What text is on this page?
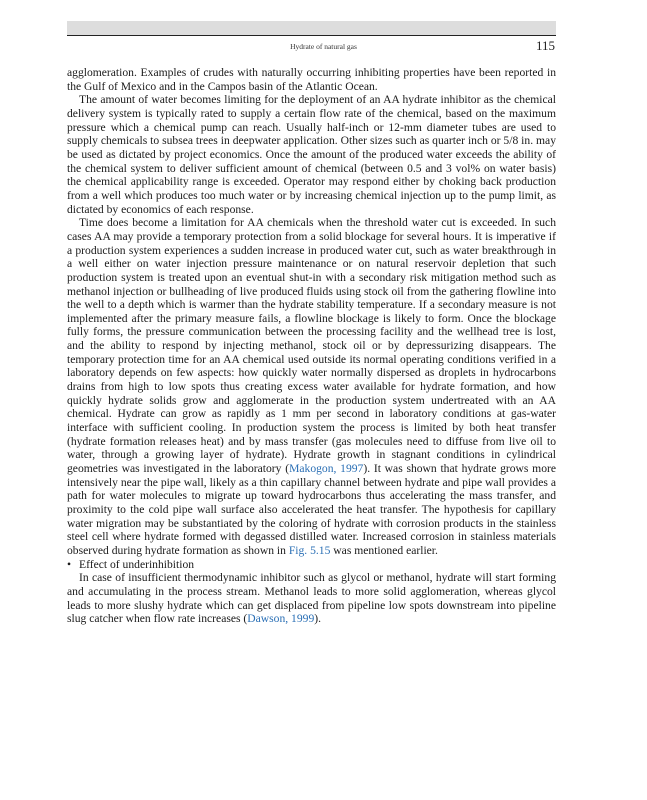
Hydrate of natural gas	115

agglomeration. Examples of crudes with naturally occurring inhibiting properties have been reported in the Gulf of Mexico and in the Campos basin of the Atlantic Ocean.

The amount of water becomes limiting for the deployment of an AA hydrate inhibitor as the chemical delivery system is typically rated to supply a certain flow rate of the chemical, based on the maximum pressure which a chemical pump can reach. Usually half-inch or 12-mm diameter tubes are used to supply chemicals to subsea trees in deepwater application. Other sizes such as quarter inch or 5/8 in. may be used as dictated by project economics. Once the amount of the produced water exceeds the ability of the chemical system to deliver sufficient amount of chemical (between 0.5 and 3 vol% on water basis) the chemical applicability range is exceeded. Operator may respond either by choking back production from a well which produces too much water or by increasing chemical injection up to the pump limit, as dictated by economics of each response.

Time does become a limitation for AA chemicals when the threshold water cut is exceeded. In such cases AA may provide a temporary protection from a solid blockage for several hours. It is imperative if a production system experiences a sudden increase in produced water cut, such as water breakthrough in a well either on water injection pressure maintenance or on natural reservoir depletion that such production system is treated upon an eventual shut-in with a secondary risk mitigation method such as methanol injection or bullheading of live produced fluids using stock oil from the gathering flowline into the well to a depth which is warmer than the hydrate stability temperature. If a secondary measure is not implemented after the primary measure fails, a flowline blockage is likely to form. Once the blockage fully forms, the pressure communication between the processing facility and the wellhead tree is lost, and the ability to respond by injecting methanol, stock oil or by depressurizing disappears. The temporary protection time for an AA chemical used outside its normal operating conditions verified in a laboratory depends on few aspects: how quickly water normally dispersed as droplets in hydrocarbons drains from high to low spots thus creating excess water available for hydrate formation, and how quickly hydrate solids grow and agglomerate in the production system undertreated with an AA chemical. Hydrate can grow as rapidly as 1 mm per second in laboratory conditions at gas-water interface with sufficient cooling. In production system the process is limited by both heat transfer (hydrate formation releases heat) and by mass transfer (gas molecules need to diffuse from live oil to water, through a growing layer of hydrate). Hydrate growth in stagnant conditions in cylindrical geometries was investigated in the laboratory (Makogon, 1997). It was shown that hydrate grows more intensively near the pipe wall, likely as a thin capillary channel between hydrate and pipe wall provides a path for water molecules to migrate up toward hydrocarbons thus accelerating the mass transfer, and proximity to the cold pipe wall surface also accelerated the heat transfer. The hypothesis for capillary water migration may be substantiated by the coloring of hydrate with corrosion products in the stainless steel cell where hydrate formed with degassed distilled water. Increased corrosion in stainless materials observed during hydrate formation as shown in Fig. 5.15 was mentioned earlier.

• Effect of underinhibition

In case of insufficient thermodynamic inhibitor such as glycol or methanol, hydrate will start forming and accumulating in the process stream. Methanol leads to more solid agglomeration, whereas glycol leads to more slushy hydrate which can get displaced from pipeline low spots downstream into pipeline slug catcher when flow rate increases (Dawson, 1999).
